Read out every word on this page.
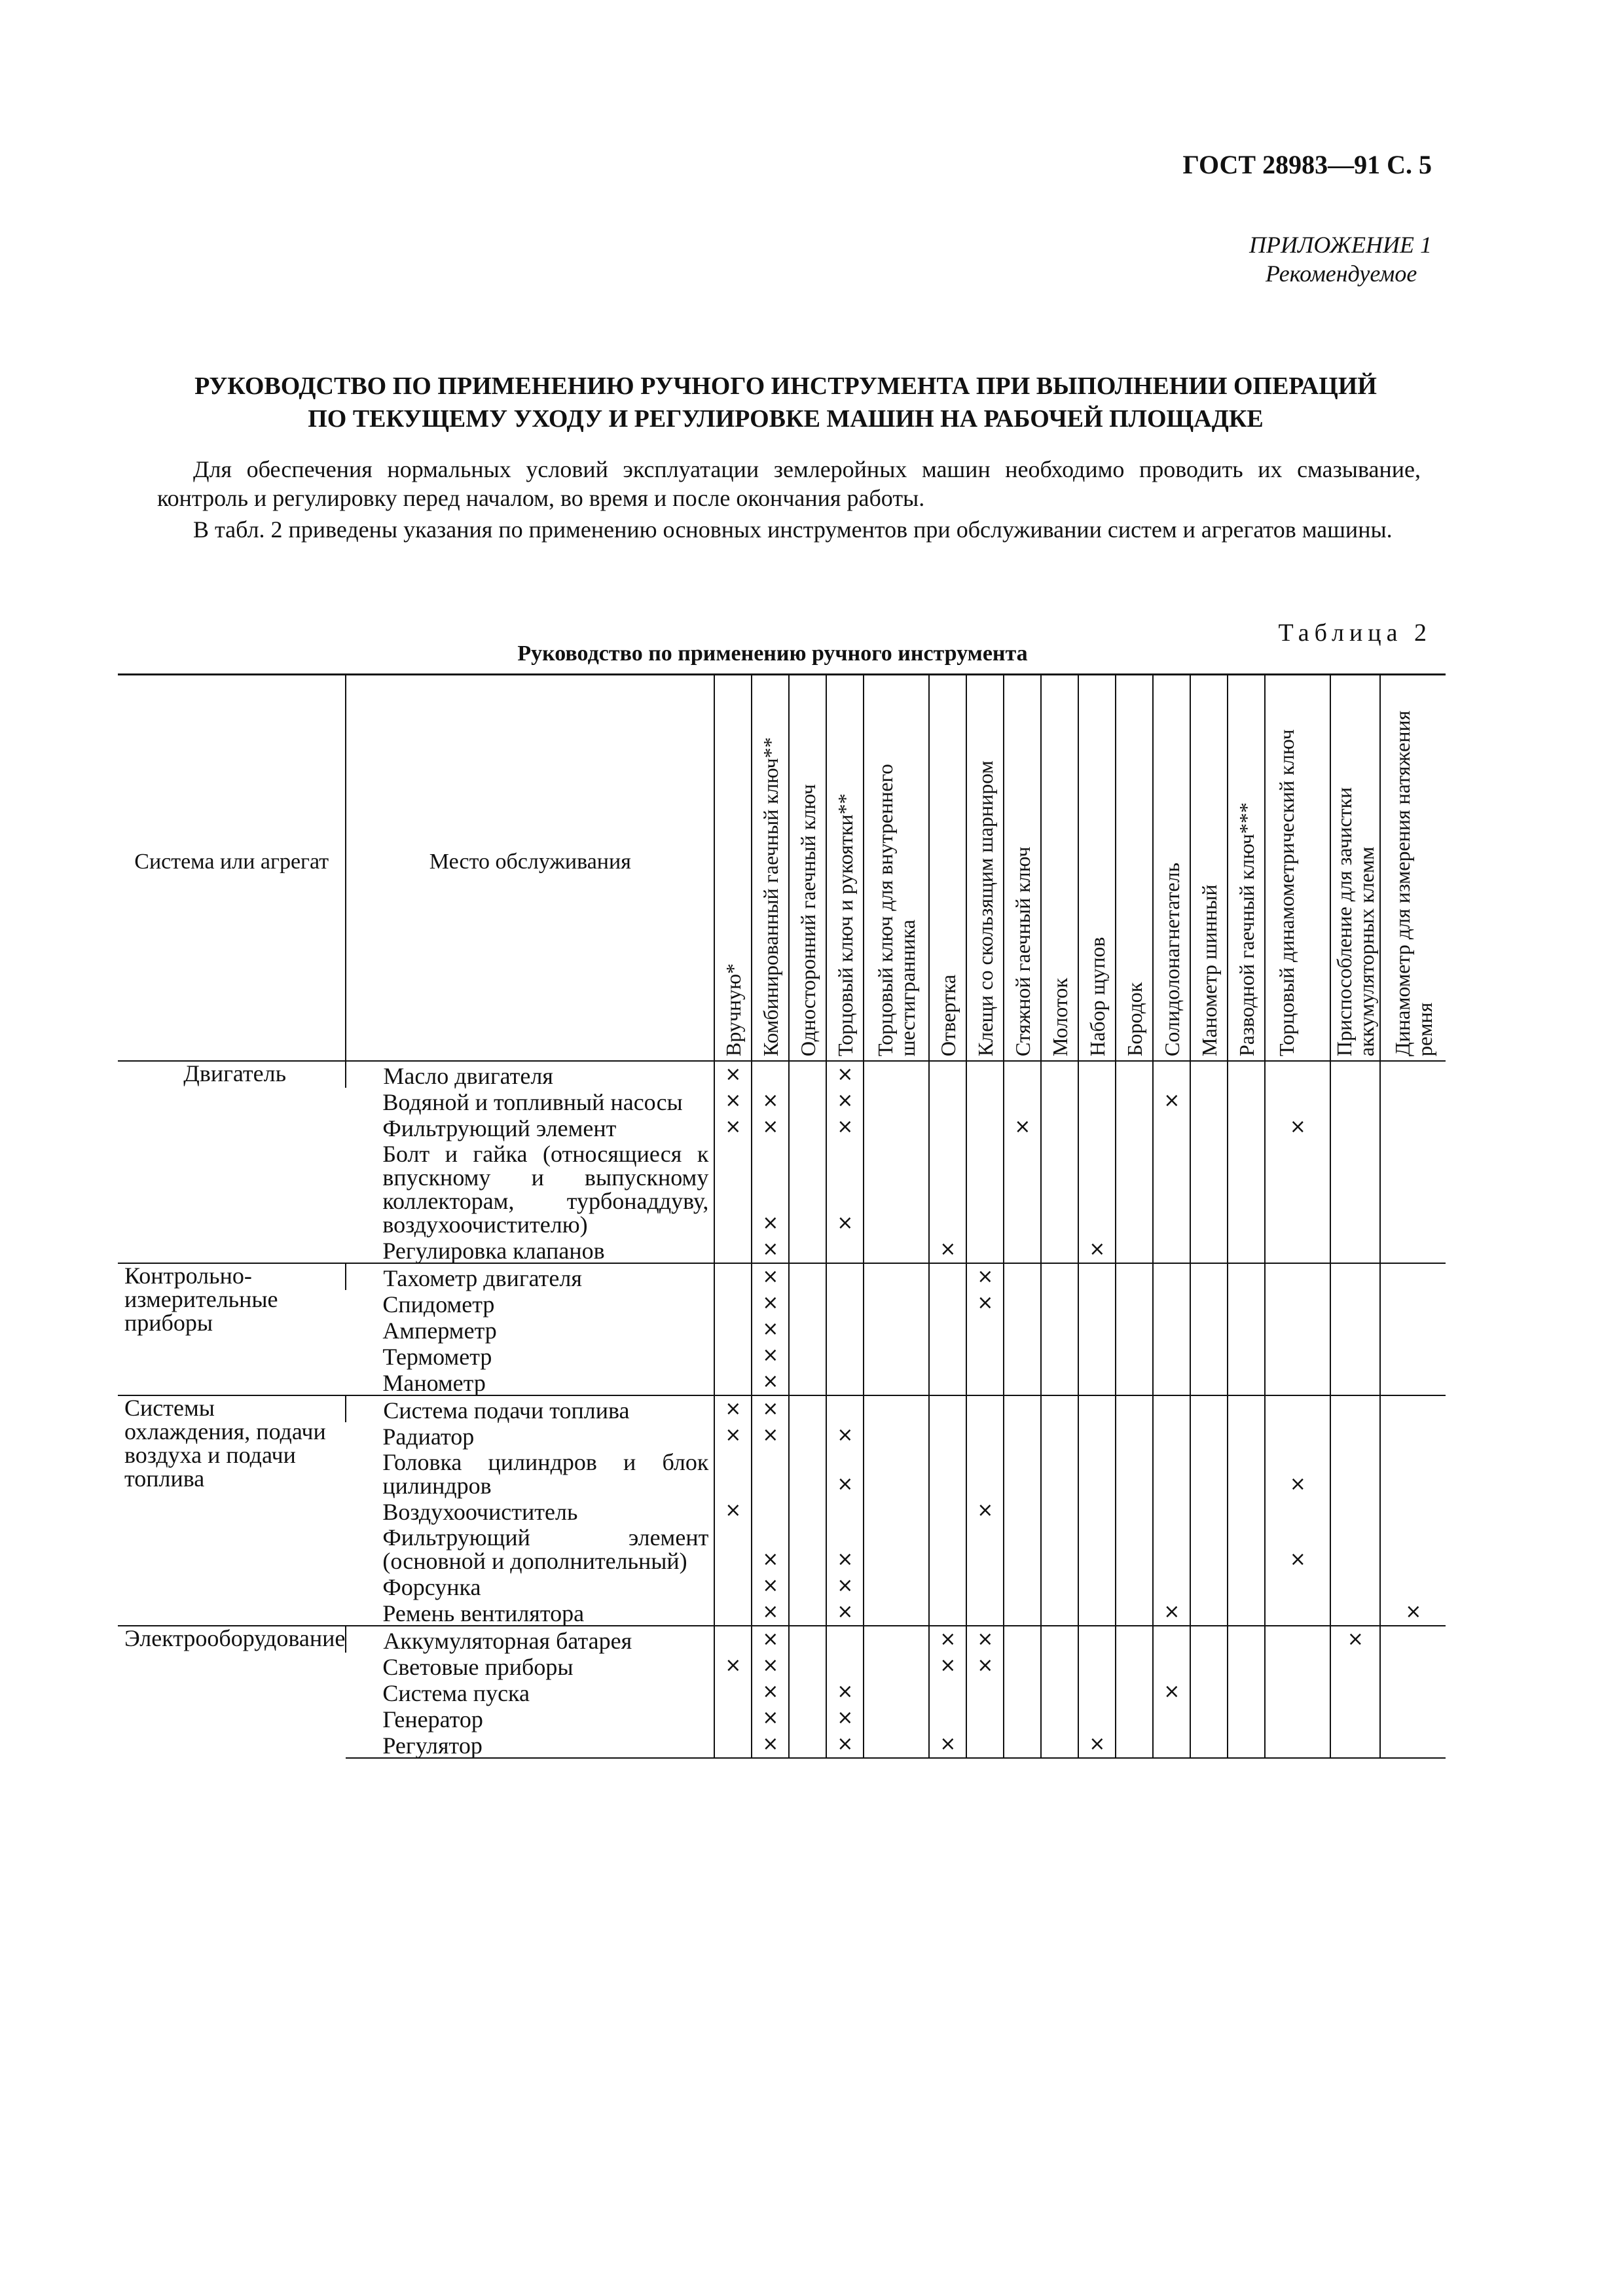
ГОСТ 28983—91 С. 5
ПРИЛОЖЕНИЕ 1
Рекомендуемое
РУКОВОДСТВО ПО ПРИМЕНЕНИЮ РУЧНОГО ИНСТРУМЕНТА ПРИ ВЫПОЛНЕНИИ ОПЕРАЦИЙ
ПО ТЕКУЩЕМУ УХОДУ И РЕГУЛИРОВКЕ МАШИН НА РАБОЧЕЙ ПЛОЩАДКЕ

Для обеспечения нормальных условий эксплуатации землеройных машин необходимо проводить их смазывание, контроль и регулировку перед началом, во время и после окончания работы.

В табл. 2 приведены указания по применению основных инструментов при обслуживании систем и агрегатов машины.

Таблица 2
Руководство по применению ручного инструмента
Система или агрегат	Место обслуживания	Вручную*	Комбинированный гаечный ключ**	Односторонний гаечный ключ	Торцовый ключ и рукоятки**	Торцовый ключ для внутреннего шестигранника	Отвертка	Клещи со скользящим шарниром	Стяжной гаечный ключ	Молоток	Набор щупов	Бородок	Солидолонагнетатель	Манометр шинный	Разводной гаечный ключ***	Торцовый динамометрический ключ	Приспособление для зачистки аккумуляторных клемм	Динамометр для измерения натяжения ремня

Двигатель	Масло двигателя	×			×													

	Водяной и топливный насосы	×	×		×								×					

	Фильтрующий элемент	×	×		×				×							×		

	Болт и гайка (относящиеся к впускному и выпускному коллекторам, турбонаддуву, воздухоочистителю)		×		×													

	Регулировка клапанов		×				×				×							
Контрольно-измерительные приборы	Тахометр двигателя		×					×										

	Спидометр		×					×										

	Амперметр		×															

	Термометр		×															

	Манометр		×															
Системы охлаждения, подачи воздуха и подачи топлива	Система подачи топлива	×	×															

	Радиатор	×	×		×													

	Головка цилиндров и блок цилиндров				×											×		

	Воздухоочиститель	×						×										

	Фильтрующий элемент (основной и дополнительный)		×		×											×		

	Форсунка		×		×													

	Ремень вентилятора		×		×								×					×
Электрооборудование	Аккумуляторная батарея		×				×	×									×	

	Световые приборы	×	×				×	×										

	Система пуска		×		×								×					

	Генератор		×		×													

	Регулятор		×		×		×				×							
